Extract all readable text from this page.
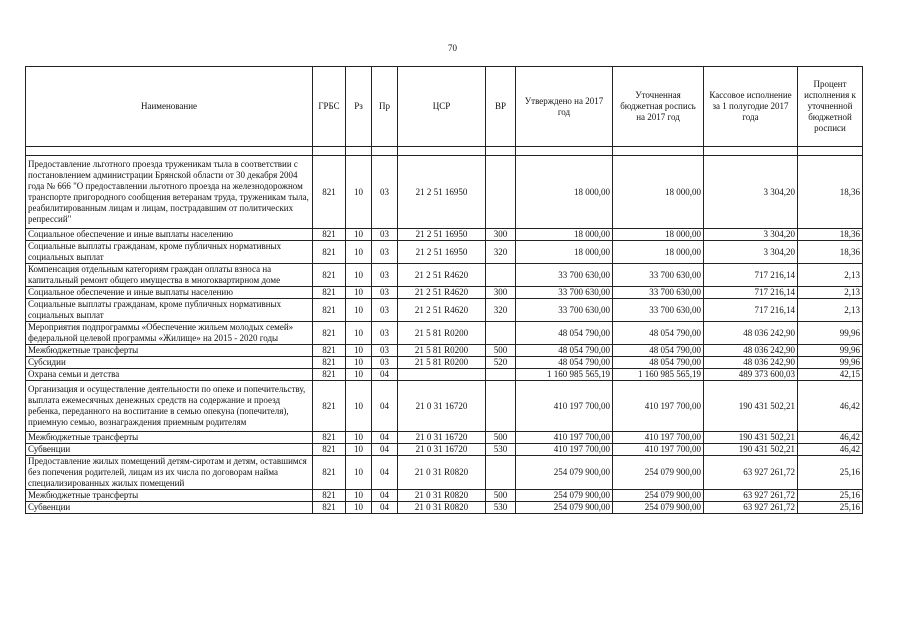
70
Наименование	ГРБС	Рз	Пр	ЦСР	ВР	Утверждено на 2017 год	Уточненная бюджетная роспись на 2017 год	Кассовое исполнение за 1 полугодие 2017 года	Процент исполнения к уточненной бюджетной росписи

Предоставление льготного проезда труженикам тыла в соответствии с постановлением администрации Брянской области от 30 декабря 2004 года № 666 "О предоставлении льготного проезда на железнодорожном транспорте пригородного сообщения ветеранам труда, труженикам тыла, реабилитированным лицам и лицам, пострадавшим от политических репрессий"	821	10	03	21 2 51 16950		18 000,00	18 000,00	3 304,20	18,36
Социальное обеспечение и иные выплаты населению	821	10	03	21 2 51 16950	300	18 000,00	18 000,00	3 304,20	18,36
Социальные выплаты гражданам, кроме публичных нормативных социальных выплат	821	10	03	21 2 51 16950	320	18 000,00	18 000,00	3 304,20	18,36
Компенсация отдельным категориям граждан оплаты взноса на капитальный ремонт общего имущества в многоквартирном доме	821	10	03	21 2 51 R4620		33 700 630,00	33 700 630,00	717 216,14	2,13
Социальное обеспечение и иные выплаты населению	821	10	03	21 2 51 R4620	300	33 700 630,00	33 700 630,00	717 216,14	2,13
Социальные выплаты гражданам, кроме публичных нормативных социальных выплат	821	10	03	21 2 51 R4620	320	33 700 630,00	33 700 630,00	717 216,14	2,13
Мероприятия подпрограммы «Обеспечение жильем молодых семей» федеральной целевой программы «Жилище» на 2015 - 2020 годы	821	10	03	21 5 81 R0200		48 054 790,00	48 054 790,00	48 036 242,90	99,96
Межбюджетные трансферты	821	10	03	21 5 81 R0200	500	48 054 790,00	48 054 790,00	48 036 242,90	99,96
Субсидии	821	10	03	21 5 81 R0200	520	48 054 790,00	48 054 790,00	48 036 242,90	99,96
Охрана семьи и детства	821	10	04			1 160 985 565,19	1 160 985 565,19	489 373 600,03	42,15
Организация и осуществление деятельности по опеке и попечительству, выплата ежемесячных денежных средств на содержание и проезд ребенка, переданного на воспитание в семью опекуна (попечителя), приемную семью, вознаграждения приемным родителям	821	10	04	21 0 31 16720		410 197 700,00	410 197 700,00	190 431 502,21	46,42
Межбюджетные трансферты	821	10	04	21 0 31 16720	500	410 197 700,00	410 197 700,00	190 431 502,21	46,42
Субвенции	821	10	04	21 0 31 16720	530	410 197 700,00	410 197 700,00	190 431 502,21	46,42
Предоставление жилых помещений детям-сиротам и детям, оставшимся без попечения родителей, лицам из их числа по договорам найма специализированных жилых помещений	821	10	04	21 0 31 R0820		254 079 900,00	254 079 900,00	63 927 261,72	25,16
Межбюджетные трансферты	821	10	04	21 0 31 R0820	500	254 079 900,00	254 079 900,00	63 927 261,72	25,16
Субвенции	821	10	04	21 0 31 R0820	530	254 079 900,00	254 079 900,00	63 927 261,72	25,16
